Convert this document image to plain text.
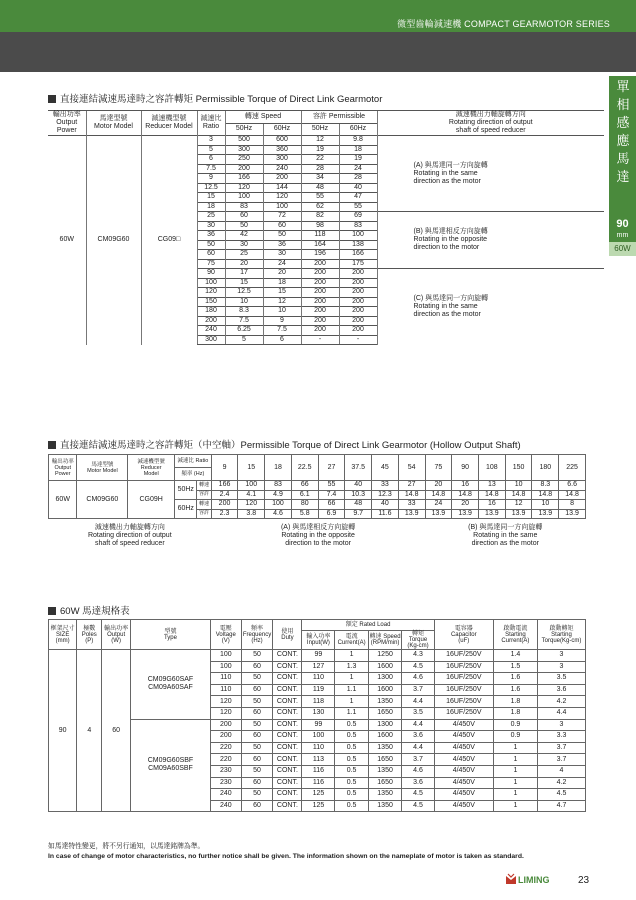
微型齒輪減速機 COMPACT GEARMOTOR SERIES
單相感應馬達
90
mm
60W
直接連結減速馬達時之容許轉矩 Permissible Torque of Direct Link Gearmotor
輸出功率
Output Power	馬達型號
Motor Model	減速機型號
Reducer Model	減速比
Ratio	轉速 Speed		容許 Permissible		減速機出力軸旋轉方向
Rotating direction of output
shaft of speed reducer
				50Hz	60Hz	50Hz	60Hz	
60W	CM09G60	CG09□	3	500	600	12	9.8	(A) 與馬達同一方向旋轉
Rotating in the same
direction as the motor
			5	300	360	19	18	
			6	250	300	22	19	
			7.5	200	240	28	24	
			9	166	200	34	28	
			12.5	120	144	48	40	
			15	100	120	55	47	
			18	83	100	62	55	
			25	60	72	82	69	(B) 與馬達相反方向旋轉
Rotating in the opposite
direction to the motor
			30	50	60	98	83	
			36	42	50	118	100	
			50	30	36	164	138	
			60	25	30	196	166	
			75	20	24	200	175	
			90	17	20	200	200	(C) 與馬達同一方向旋轉
Rotating in the same
direction as the motor
			100	15	18	200	200	
			120	12.5	15	200	200	
			150	10	12	200	200	
			180	8.3	10	200	200	
			200	7.5	9	200	200	
			240	6.25	7.5	200	200	
			300	5	6	-	-	
直接連結減速馬達時之容許轉矩（中空軸）Permissible Torque of Direct Link Gearmotor (Hollow Output Shaft)
輸出功率
Output
Power	馬達型號
Motor Model	減速機型號
Reducer
Model	減速比 Ratio		9	15	18	22.5	27	37.5	45	54	75	90	108	150	180	225
			頻率 (Hz)															
60W	CM09G60	CG09H	50Hz	轉速	166	100	83	66	55	40	33	27	20	16	13	10	8.3	6.6
				容許	2.4	4.1	4.9	6.1	7.4	10.3	12.3	14.8	14.8	14.8	14.8	14.8	14.8	14.8
			60Hz	轉速	200	120	100	80	66	48	40	33	24	20	16	12	10	8
				容許	2.3	3.8	4.6	5.8	6.9	9.7	11.6	13.9	13.9	13.9	13.9	13.9	13.9	13.9
減速機出力軸旋轉方向
Rotating direction of output
shaft of speed reducer					(A) 與馬達相反方向旋轉
Rotating in the opposite
direction to the motor								(B) 與馬達同一方向旋轉
Rotating in the same
direction as the motor					
60W 馬達規格表
框架尺寸
SIZE
(mm)	極數
Poles
(P)	輸出功率
Output
(W)	型號
Type	電壓
Voltage
(V)	頻率
Frequency
(Hz)	使用
Duty	額定 Rated Load				電容器
Capacitor
(uF)	啟動電流
Starting
Current(A)	啟動轉矩
Starting
Torque(Kg-cm)
							輸入功率
Input(W)	電流
Current(A)	轉速 Speed
(RPM/min)	轉矩 Torque
(Kg-cm)			
90	4	60	CM09G60SAF
CM09A60SAF	100	50	CONT.	99	1	1250	4.3	16UF/250V	1.4	3
				100	60	CONT.	127	1.3	1600	4.5	16UF/250V	1.5	3
				110	50	CONT.	110	1	1300	4.6	16UF/250V	1.6	3.5
				110	60	CONT.	119	1.1	1600	3.7	16UF/250V	1.6	3.6
				120	50	CONT.	118	1	1350	4.4	16UF/250V	1.8	4.2
				120	60	CONT.	130	1.1	1650	3.5	16UF/250V	1.8	4.4
			CM09G60SBF
CM09A60SBF	200	50	CONT.	99	0.5	1300	4.4	4/450V	0.9	3
				200	60	CONT.	100	0.5	1600	3.6	4/450V	0.9	3.3
				220	50	CONT.	110	0.5	1350	4.4	4/450V	1	3.7
				220	60	CONT.	113	0.5	1650	3.7	4/450V	1	3.7
				230	50	CONT.	116	0.5	1350	4.6	4/450V	1	4
				230	60	CONT.	116	0.5	1650	3.6	4/450V	1	4.2
				240	50	CONT.	125	0.5	1350	4.5	4/450V	1	4.5
				240	60	CONT.	125	0.5	1350	4.5	4/450V	1	4.7
如馬達特性變更，將不另行通知，以馬達銘牌為準。
In case of change of motor characteristics, no further notice shall be given. The information shown on the nameplate of motor is taken as standard.
LIMING	23
